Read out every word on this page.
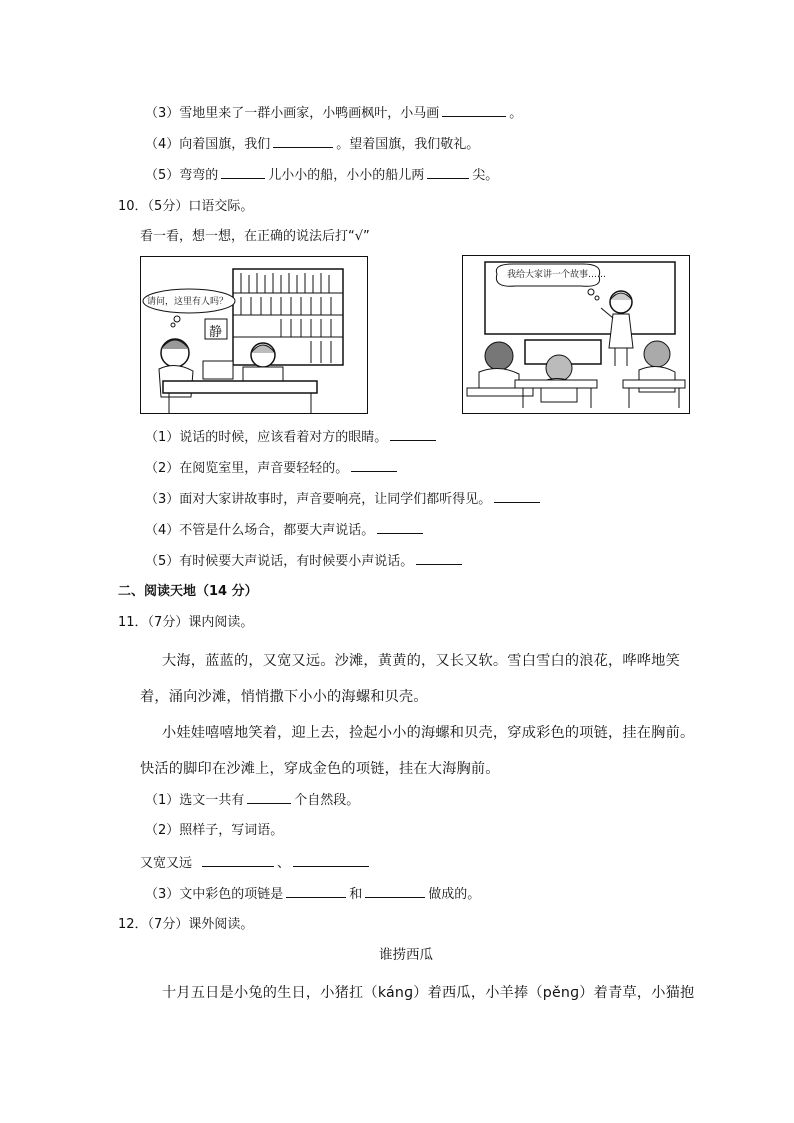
（3）雪地里来了一群小画家，小鸭画枫叶，小马画	。
（4）向着国旗，我们	。望着国旗，我们敬礼。
（5）弯弯的	儿小小的船，小小的船儿两	尖。
10．（5分）口语交际。
看一看，想一想，在正确的说法后打“√”
请问，这里有人吗？
静
我给大家讲一个故事……
（1）说话的时候，应该看着对方的眼睛。
（2）在阅览室里，声音要轻轻的。
（3）面对大家讲故事时，声音要响亮，让同学们都听得见。
（4）不管是什么场合，都要大声说话。
（5）有时候要大声说话，有时候要小声说话。
二、阅读天地（14 分）
11．（7分）课内阅读。
大海，蓝蓝的，又宽又远。沙滩，黄黄的，又长又软。雪白雪白的浪花，哗哗地笑
着，涌向沙滩，悄悄撒下小小的海螺和贝壳。
小娃娃嘻嘻地笑着，迎上去，捡起小小的海螺和贝壳，穿成彩色的项链，挂在胸前。
快活的脚印在沙滩上，穿成金色的项链，挂在大海胸前。
（1）选文一共有	个自然段。
（2）照样子，写词语。
又宽又远	、
（3）文中彩色的项链是	和	做成的。
12．（7分）课外阅读。
谁捞西瓜
十月五日是小兔的生日，小猪扛（kánɡ）着西瓜，小羊捧（pěnɡ）着青草，小猫抱
